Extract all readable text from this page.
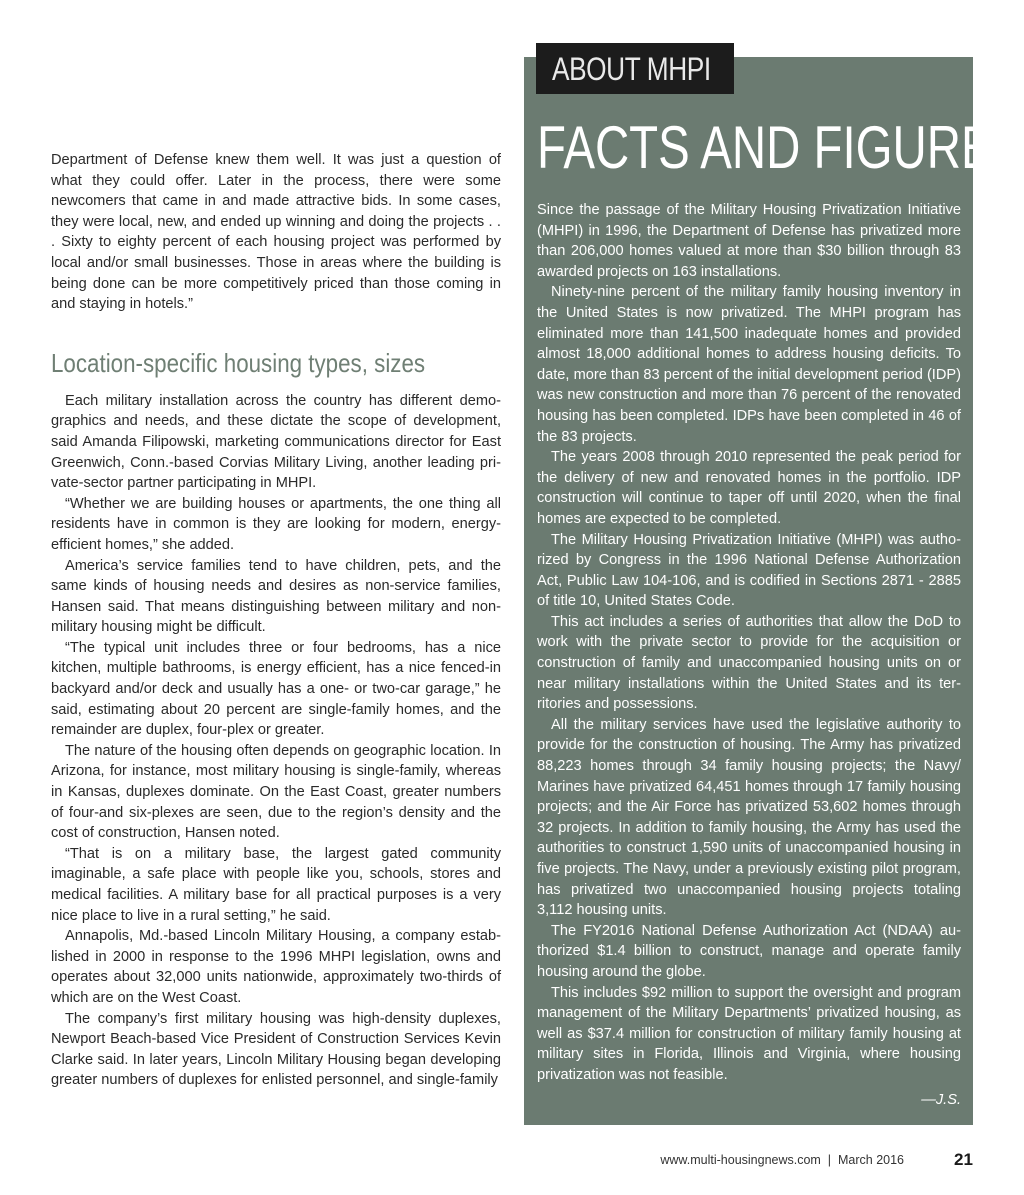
Department of Defense knew them well. It was just a question of what they could offer. Later in the process, there were some newcomers that came in and made attractive bids. In some cases, they were local, new, and ended up winning and doing the projects . . . Sixty to eighty percent of each housing project was performed by local and/or small businesses. Those in areas where the building is being done can be more competitively priced than those coming in and staying in hotels.”

Location-specific housing types, sizes

Each military installation across the country has different demographics and needs, and these dictate the scope of development, said Amanda Filipowski, marketing communications director for East Greenwich, Conn.-based Corvias Military Living, another leading private-sector partner participating in MHPI.

“Whether we are building houses or apartments, the one thing all residents have in common is they are looking for modern, energy-efficient homes,” she added.

America’s service families tend to have children, pets, and the same kinds of housing needs and desires as non-service families, Hansen said. That means distinguishing between military and non-military housing might be difficult.

“The typical unit includes three or four bedrooms, has a nice kitchen, multiple bathrooms, is energy efficient, has a nice fenced-in backyard and/or deck and usually has a one- or two-car garage,” he said, estimating about 20 percent are single-family homes, and the remainder are duplex, four-plex or greater.

The nature of the housing often depends on geographic location. In Arizona, for instance, most military housing is single-family, whereas in Kansas, duplexes dominate. On the East Coast, greater numbers of four-and six-plexes are seen, due to the region’s density and the cost of construction, Hansen noted.

“That is on a military base, the largest gated community imaginable, a safe place with people like you, schools, stores and medical facilities. A military base for all practical purposes is a very nice place to live in a rural setting,” he said.

Annapolis, Md.-based Lincoln Military Housing, a company established in 2000 in response to the 1996 MHPI legislation, owns and operates about 32,000 units nationwide, approximately two-thirds of which are on the West Coast.

The company’s first military housing was high-density duplexes, Newport Beach-based Vice President of Construction Services Kevin Clarke said. In later years, Lincoln Military Housing began developing greater numbers of duplexes for enlisted personnel, and single-family

ABOUT MHPI
FACTS AND FIGURES

Since the passage of the Military Housing Privatization Initiative (MHPI) in 1996, the Department of Defense has privatized more than 206,000 homes valued at more than $30 billion through 83 awarded projects on 163 installations.

Ninety-nine percent of the military family housing inventory in the United States is now privatized. The MHPI program has eliminated more than 141,500 inadequate homes and provided almost 18,000 additional homes to address housing deficits. To date, more than 83 percent of the initial development period (IDP) was new construction and more than 76 percent of the renovated housing has been completed. IDPs have been completed in 46 of the 83 projects.

The years 2008 through 2010 represented the peak period for the delivery of new and renovated homes in the portfolio. IDP construction will continue to taper off until 2020, when the final homes are expected to be completed.

The Military Housing Privatization Initiative (MHPI) was authorized by Congress in the 1996 National Defense Authorization Act, Public Law 104-106, and is codified in Sections 2871 - 2885 of title 10, United States Code.

This act includes a series of authorities that allow the DoD to work with the private sector to provide for the acquisition or construction of family and unaccompanied housing units on or near military installations within the United States and its territories and possessions.

All the military services have used the legislative authority to provide for the construction of housing. The Army has privatized 88,223 homes through 34 family housing projects; the Navy/ Marines have privatized 64,451 homes through 17 family housing projects; and the Air Force has privatized 53,602 homes through 32 projects. In addition to family housing, the Army has used the authorities to construct 1,590 units of unaccompanied housing in five projects. The Navy, under a previously existing pilot program, has privatized two unaccompanied housing projects totaling 3,112 housing units.

The FY2016 National Defense Authorization Act (NDAA) authorized $1.4 billion to construct, manage and operate family housing around the globe.

This includes $92 million to support the oversight and program management of the Military Departments’ privatized housing, as well as $37.4 million for construction of military family housing at military sites in Florida, Illinois and Virginia, where housing privatization was not feasible.

—J.S.
www.multi-housingnews.com  |  March 2016	21
